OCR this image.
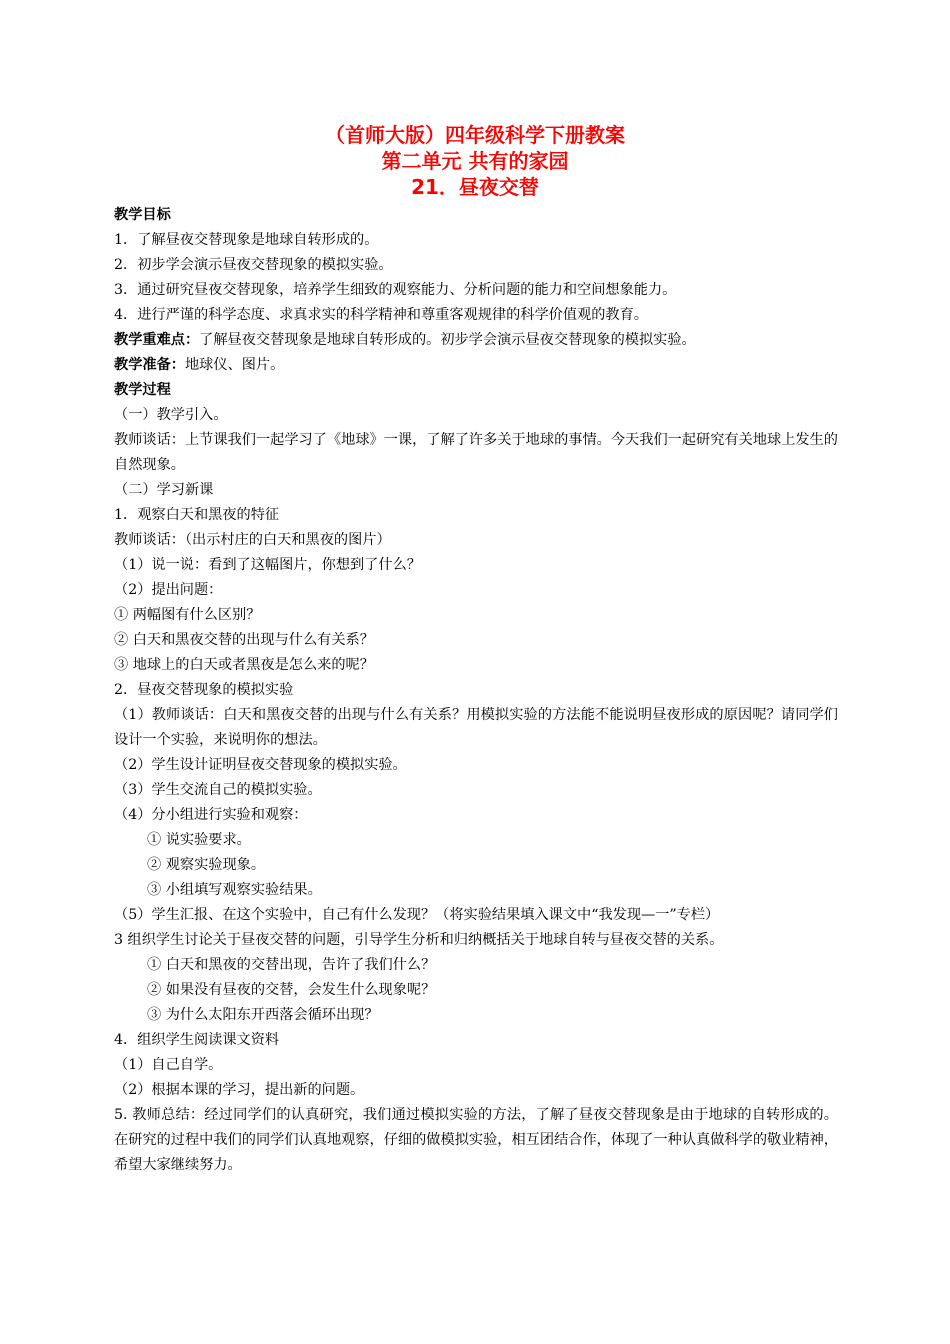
（首师大版）四年级科学下册教案
第二单元 共有的家园
21．昼夜交替
教学目标
1．了解昼夜交替现象是地球自转形成的。
2．初步学会演示昼夜交替现象的模拟实验。
3．通过研究昼夜交替现象，培养学生细致的观察能力、分析问题的能力和空间想象能力。
4．进行严谨的科学态度、求真求实的科学精神和尊重客观规律的科学价值观的教育。
教学重难点：了解昼夜交替现象是地球自转形成的。初步学会演示昼夜交替现象的模拟实验。
教学准备：地球仪、图片。
教学过程
（一）教学引入。
教师谈话：上节课我们一起学习了《地球》一课，了解了许多关于地球的事情。今天我们一起研究有关地球上发生的自然现象。
（二）学习新课
1．观察白天和黑夜的特征
教师谈话：（出示村庄的白天和黑夜的图片）
（1）说一说：看到了这幅图片，你想到了什么？
（2）提出问题：
① 两幅图有什么区别？
② 白天和黑夜交替的出现与什么有关系？
③ 地球上的白天或者黑夜是怎么来的呢？
2．昼夜交替现象的模拟实验
（1）教师谈话：白天和黑夜交替的出现与什么有关系？用模拟实验的方法能不能说明昼夜形成的原因呢？请同学们设计一个实验，来说明你的想法。
（2）学生设计证明昼夜交替现象的模拟实验。
（3）学生交流自己的模拟实验。
（4）分小组进行实验和观察：
① 说实验要求。
② 观察实验现象。
③ 小组填写观察实验结果。
（5）学生汇报、在这个实验中，自己有什么发现？（将实验结果填入课文中“我发现—一”专栏）
3 组织学生讨论关于昼夜交替的问题，引导学生分析和归纳概括关于地球自转与昼夜交替的关系。
① 白天和黑夜的交替出现，告许了我们什么？
② 如果没有昼夜的交替，会发生什么现象呢？
③ 为什么太阳东开西落会循环出现？
4．组织学生阅读课文资料
（1）自己自学。
（2）根据本课的学习，提出新的问题。
5. 教师总结：经过同学们的认真研究，我们通过模拟实验的方法，了解了昼夜交替现象是由于地球的自转形成的。在研究的过程中我们的同学们认真地观察，仔细的做模拟实验，相互团结合作，体现了一种认真做科学的敬业精神，希望大家继续努力。
